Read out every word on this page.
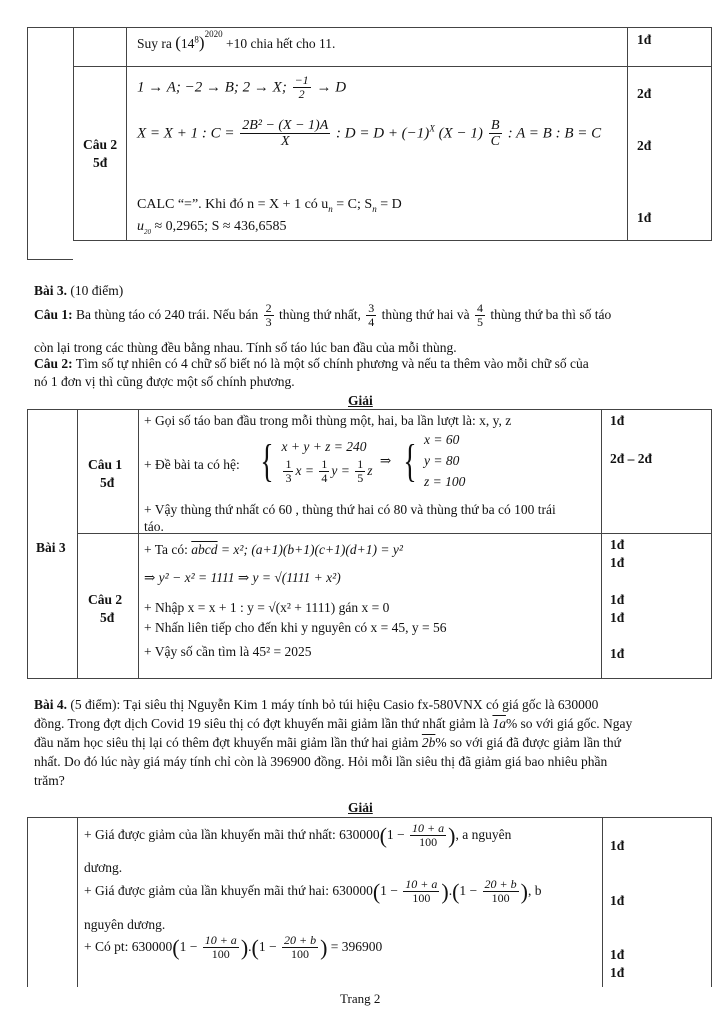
Suy ra $(14^8)^{2020} +10$ chia hết cho 11.	1đ
Câu 2
5đ
1 → A; −2 → B; 2 → X; $\frac{-1}{2} \to D$	2đ
X = X + 1 : $C = \frac{\text{2B² − (X − 1)A}}{X}$ : $D = D + (-1)^X$ $(X - 1) \frac{B}{C}$ : A = B : B = C
2đ
CALC “=”. Khi đó n = X + 1 có $u_n = C$; $S_n = D$
$u_{20} \approx 0,2965$; S ≈ 436,6585
1đ
Bài 3. (10 điểm)
Câu 1: Ba thùng táo có 240 trái. Nếu bán $\frac{2}{3}$ thùng thứ nhất, $\frac{3}{4}$ thùng thứ hai và $\frac{4}{5}$ thùng thứ ba thì số táo
còn lại trong các thùng đều bằng nhau. Tính số táo lúc ban đầu của mỗi thùng.
Câu 2: Tìm số tự nhiên có 4 chữ số biết nó là một số chính phương và nếu ta thêm vào mỗi chữ số của
nó 1 đơn vị thì cũng được một số chính phương.
Giải
Bài 3
Câu 1
5đ
+ Gọi số táo ban đầu trong mỗi thùng một, hai, ba lần lượt là: x, y, z
+ Đề bài ta có hệ: { x + y + z = 240
$\frac{1}{3}$ $x = \frac{1}{4}$ $y = \frac{1}{5}$ z
⇒ { x = 60
y = 80
z = 100
+ Vậy thùng thứ nhất có 60 , thùng thứ hai có 80 và thùng thứ ba có 100 trái
táo.
1đ
2đ – 2đ
Câu 2
5đ
+ Ta có: abcd = x²; (a+1)(b+1)(c+1)(d+1) = y²
⇒ y² − x² = 1111 ⇒ y = √(1111 + x²)
+ Nhập x = x + 1 : y = √(x² + 1111) gán x = 0
+ Nhấn liên tiếp cho đến khi y nguyên có x = 45, y = 56
+ Vậy số cần tìm là 45² = 2025
1đ
1đ
1đ
1đ
1đ
Bài 4. (5 điểm): Tại siêu thị Nguyễn Kim 1 máy tính bỏ túi hiệu Casio fx-580VNX có giá gốc là 630000
đồng. Trong đợt dịch Covid 19 siêu thị có đợt khuyến mãi giảm lần thứ nhất giảm là 1a% so với giá gốc. Ngay
đầu năm học siêu thị lại có thêm đợt khuyến mãi giảm lần thứ hai giảm 2b% so với giá đã được giảm lần thứ
nhất. Do đó lúc này giá máy tính chỉ còn là 396900 đồng. Hỏi mỗi lần siêu thị đã giảm giá bao nhiêu phần
trăm?
Giải
+ Giá được giảm của lần khuyến mãi thứ nhất: $630000(1 - \frac{10 + a}{100}$ ), a nguyên
dương.
+ Giá được giảm của lần khuyến mãi thứ hai: $630000(1 - \frac{10 + a}{100} ).(1 - \frac{20 + b}{100}$ ), b
nguyên dương.
+ Có pt: $630000(1 - \frac{10 + a}{100} ).(1 - \frac{20 + b}{100}$ ) = 396900
1đ
1đ
1đ
1đ
Trang 2
